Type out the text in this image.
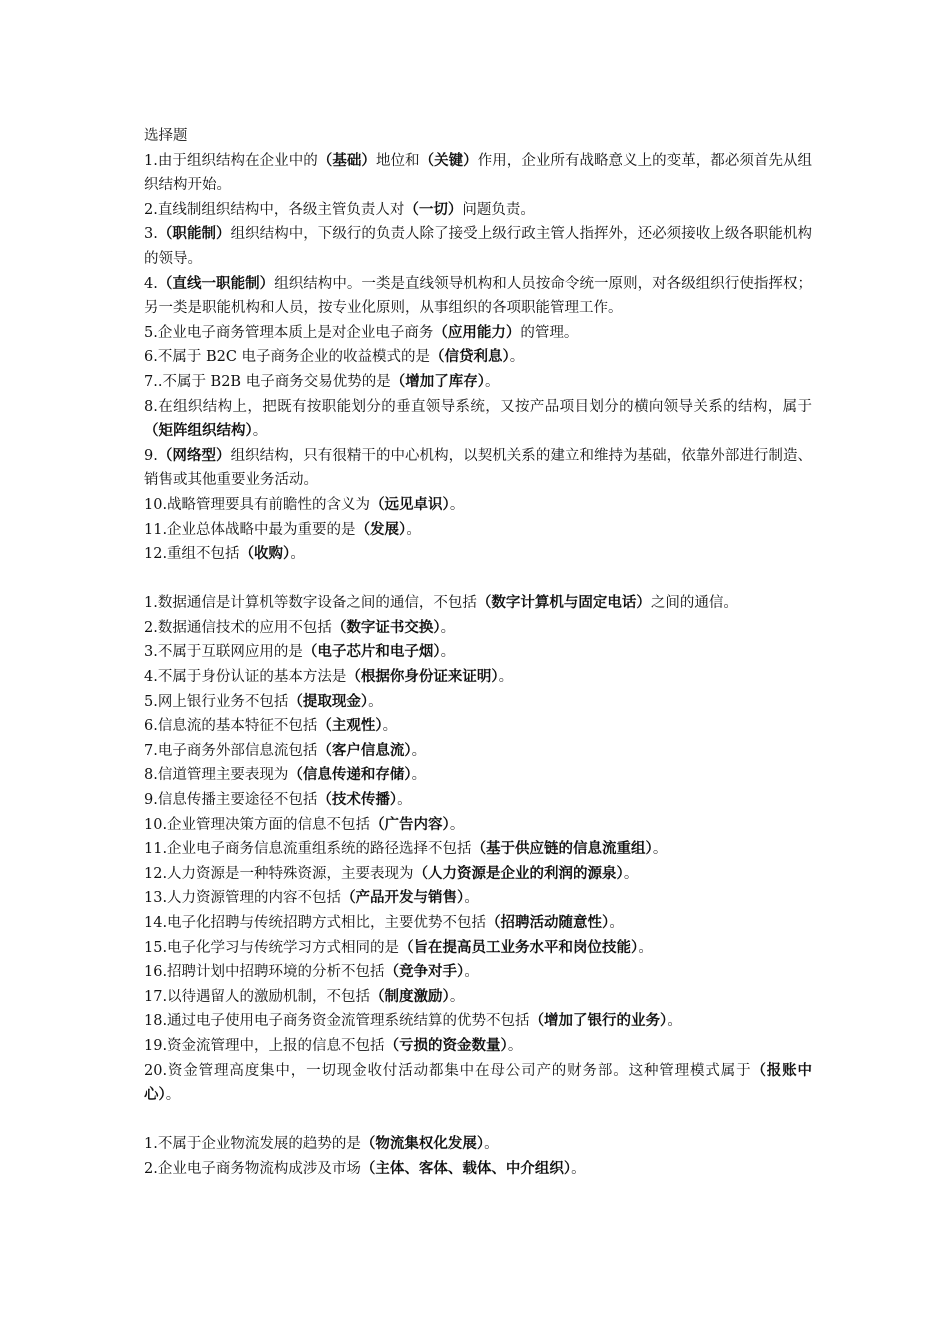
选择题
1.由于组织结构在企业中的（基础）地位和（关键）作用，企业所有战略意义上的变革，都必须首先从组织结构开始。
2.直线制组织结构中，各级主管负责人对（一切）问题负责。
3.（职能制）组织结构中，下级行的负责人除了接受上级行政主管人指挥外，还必须接收上级各职能机构的领导。
4.（直线一职能制）组织结构中。一类是直线领导机构和人员按命令统一原则，对各级组织行使指挥权；另一类是职能机构和人员，按专业化原则，从事组织的各项职能管理工作。
5.企业电子商务管理本质上是对企业电子商务（应用能力）的管理。
6.不属于 B2C 电子商务企业的收益模式的是（信贷利息）。
7..不属于 B2B 电子商务交易优势的是（增加了库存）。
8.在组织结构上，把既有按职能划分的垂直领导系统，又按产品项目划分的横向领导关系的结构，属于（矩阵组织结构）。
9.（网络型）组织结构，只有很精干的中心机构，以契机关系的建立和维持为基础，依靠外部进行制造、销售或其他重要业务活动。
10.战略管理要具有前瞻性的含义为（远见卓识）。
11.企业总体战略中最为重要的是（发展）。
12.重组不包括（收购）。
1.数据通信是计算机等数字设备之间的通信，不包括（数字计算机与固定电话）之间的通信。
2.数据通信技术的应用不包括（数字证书交换）。
3.不属于互联网应用的是（电子芯片和电子烟）。
4.不属于身份认证的基本方法是（根据你身份证来证明）。
5.网上银行业务不包括（提取现金）。
6.信息流的基本特征不包括（主观性）。
7.电子商务外部信息流包括（客户信息流）。
8.信道管理主要表现为（信息传递和存储）。
9.信息传播主要途径不包括（技术传播）。
10.企业管理决策方面的信息不包括（广告内容）。
11.企业电子商务信息流重组系统的路径选择不包括（基于供应链的信息流重组）。
12.人力资源是一种特殊资源，主要表现为（人力资源是企业的利润的源泉）。
13.人力资源管理的内容不包括（产品开发与销售）。
14.电子化招聘与传统招聘方式相比，主要优势不包括（招聘活动随意性）。
15.电子化学习与传统学习方式相同的是（旨在提高员工业务水平和岗位技能）。
16.招聘计划中招聘环境的分析不包括（竞争对手）。
17.以待遇留人的激励机制，不包括（制度激励）。
18.通过电子使用电子商务资金流管理系统结算的优势不包括（增加了银行的业务）。
19.资金流管理中，上报的信息不包括（亏损的资金数量）。
20.资金管理高度集中，一切现金收付活动都集中在母公司产的财务部。这种管理模式属于（报账中心）。
1.不属于企业物流发展的趋势的是（物流集权化发展）。
2.企业电子商务物流构成涉及市场（主体、客体、载体、中介组织）。
